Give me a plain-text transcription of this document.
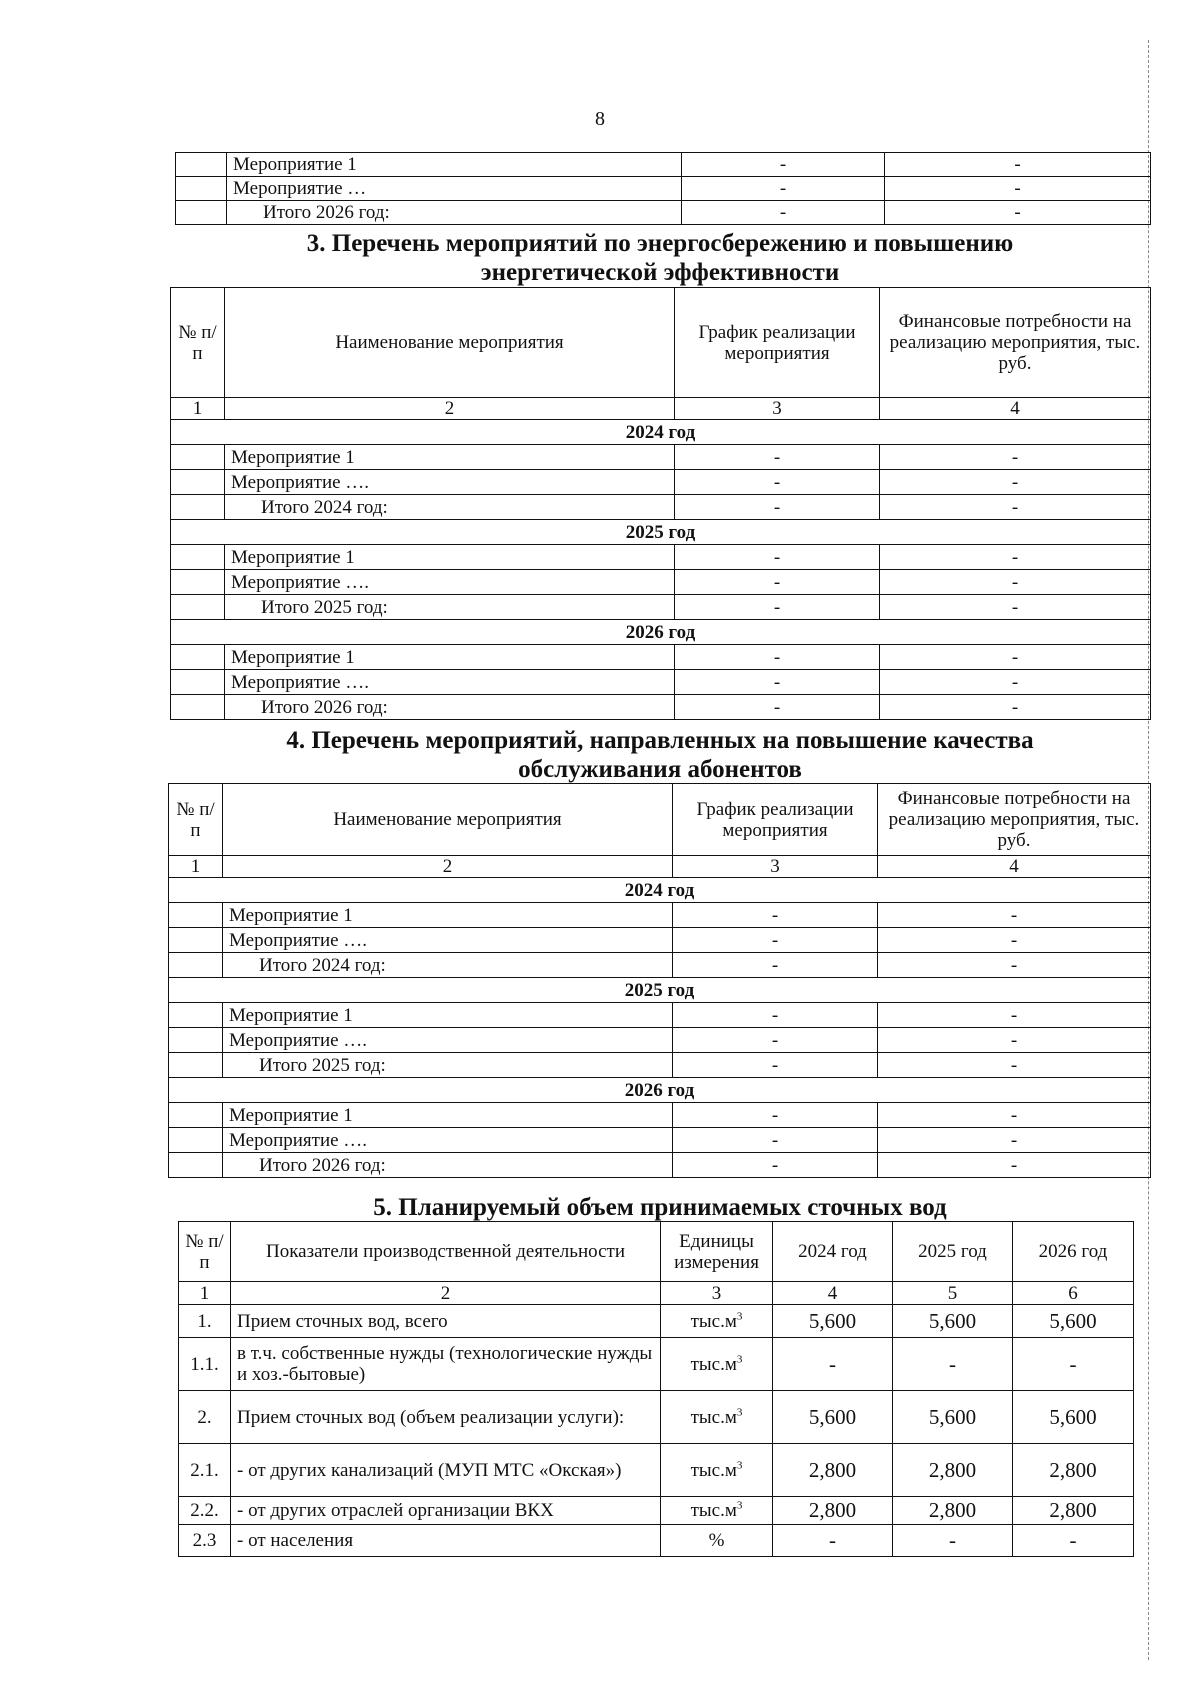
8
	Мероприятие 1	-	-
	Мероприятие …	-	-
	Итого 2026 год:	-	-
3. Перечень мероприятий по энергосбережению и повышению
энергетической эффективности
№ п/п	Наименование мероприятия	График реализации мероприятия	Финансовые потребности на реализацию мероприятия, тыс. руб.
1	2	3	4
2024 год			
	Мероприятие 1	-	-
	Мероприятие ….	-	-
	Итого 2024 год:	-	-
2025 год			
	Мероприятие 1	-	-
	Мероприятие ….	-	-
	Итого 2025 год:	-	-
2026 год			
	Мероприятие 1	-	-
	Мероприятие ….	-	-
	Итого 2026 год:	-	-
4. Перечень мероприятий, направленных на повышение качества
обслуживания абонентов
№ п/п	Наименование мероприятия	График реализации мероприятия	Финансовые потребности на реализацию мероприятия, тыс. руб.
1	2	3	4
2024 год			
	Мероприятие 1	-	-
	Мероприятие ….	-	-
	Итого 2024 год:	-	-
2025 год			
	Мероприятие 1	-	-
	Мероприятие ….	-	-
	Итого 2025 год:	-	-
2026 год			
	Мероприятие 1	-	-
	Мероприятие ….	-	-
	Итого 2026 год:	-	-
5. Планируемый объем принимаемых сточных вод
№ п/п	Показатели производственной деятельности	Единицы измерения	2024 год	2025 год	2026 год
1	2	3	4	5	6
1.	Прием сточных вод, всего	$тыс.м^3$	5,600	5,600	5,600
1.1.	в т.ч. собственные нужды (технологические нужды и хоз.-бытовые)	$тыс.м^3$	-	-	-
2.	Прием сточных вод (объем реализации услуги):	$тыс.м^3$	5,600	5,600	5,600
2.1.	- от других канализаций (МУП МТС «Окская»)	$тыс.м^3$	2,800	2,800	2,800
2.2.	- от других отраслей организации ВКХ	$тыс.м^3$	2,800	2,800	2,800
2.3	- от населения	%	-	-	-
